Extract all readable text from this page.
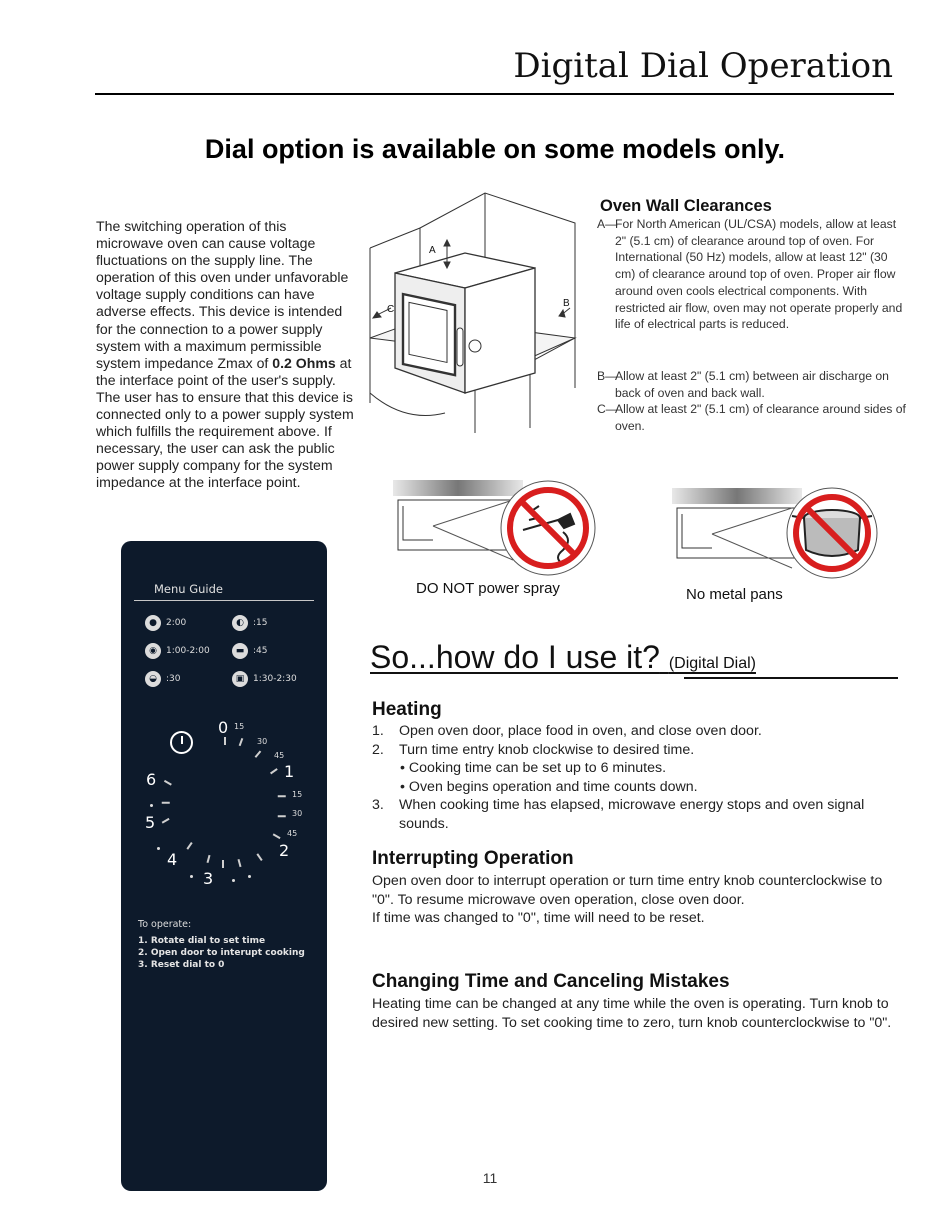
Digital Dial Operation
Dial option is available on some models only.
The switching operation of this microwave oven can cause voltage fluctuations on the supply line. The operation of this oven under unfavorable voltage supply conditions can have adverse effects. This device is intended for the connection to a power supply system with a maximum permissible system impedance Zmax of 0.2 Ohms at the interface point of the user's supply. The user has to ensure that this device is connected only to a power supply system which fulfills the requirement above. If necessary, the user can ask the public power supply company for the system impedance at the interface point.
Menu Guide
●	2:00	◐	:15
◉	1:00-2:00	▬ :45
◒	:30	▣ 1:30-2:30
0 15
30
45
1
15
30
45
2
3
4
5
6
To operate:
1. Rotate dial to set time
2. Open door to interupt cooking
3. Reset dial to 0
A
C
B
Oven Wall Clearances
A—
For North American (UL/CSA) models, allow at least 2" (5.1 cm) of clearance around top of oven. For International (50 Hz) models, allow at least 12" (30 cm) of clearance around top of oven. Proper air flow around oven cools electrical components. With restricted air flow, oven may not operate properly and life of electrical parts is reduced.
B—
Allow at least 2" (5.1 cm) between air discharge on back of oven and back wall.
C—
Allow at least 2" (5.1 cm) of clearance around sides of oven.
DO NOT power spray	No metal pans
So...how do I use it? (Digital Dial)
Heating
1. Open oven door, place food in oven, and close oven door.
2. Turn time entry knob clockwise to desired time.
• Cooking time can be set up to 6 minutes.
• Oven begins operation and time counts down.
3. When cooking time has elapsed, microwave energy stops and oven signal sounds.
Interrupting Operation
Open oven door to interrupt operation or turn time entry knob counterclockwise to "0". To resume microwave oven operation, close oven door.
If time was changed to "0", time will need to be reset.
Changing Time and Canceling Mistakes
Heating time can be changed at any time while the oven is operating. Turn knob to desired new setting. To set cooking time to zero, turn knob counterclockwise to "0".
11
